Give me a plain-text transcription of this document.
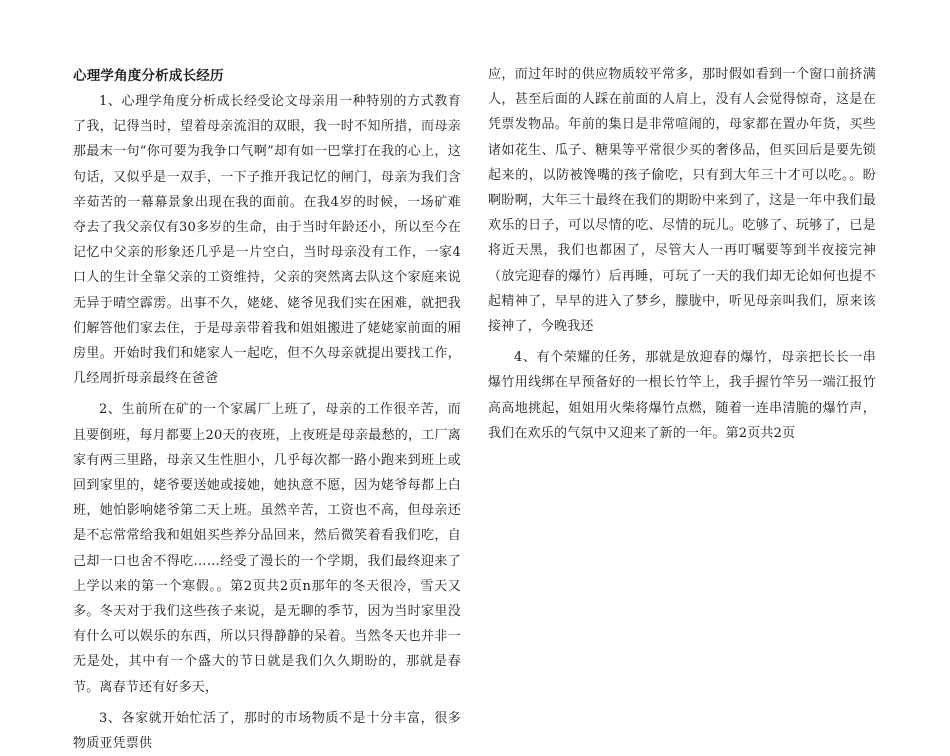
心理学角度分析成长经历

1、心理学角度分析成长经受论文母亲用一种特别的方式教育了我，记得当时，望着母亲流泪的双眼，我一时不知所措，而母亲那最末一句“你可要为我争口气啊”却有如一巴掌打在我的心上，这句话，又似乎是一双手，一下子推开我记忆的闸门，母亲为我们含辛茹苦的一幕幕景象出现在我的面前。在我4岁的时候，一场矿难夺去了我父亲仅有30多岁的生命，由于当时年龄还小，所以至今在记忆中父亲的形象还几乎是一片空白，当时母亲没有工作，一家4口人的生计全靠父亲的工资维持，父亲的突然离去队这个家庭来说无异于晴空霹雳。出事不久，姥姥、姥爷见我们实在困难，就把我们解答他们家去住，于是母亲带着我和姐姐搬进了姥姥家前面的厢房里。开始时我们和姥家人一起吃，但不久母亲就提出要找工作，几经周折母亲最终在爸爸

2、生前所在矿的一个家属厂上班了，母亲的工作很辛苦，而且要倒班，每月都要上20天的夜班，上夜班是母亲最愁的，工厂离家有两三里路，母亲又生性胆小，几乎每次都一路小跑来到班上或回到家里的，姥爷要送她或接她，她执意不愿，因为姥爷每都上白班，她怕影响姥爷第二天上班。虽然辛苦，工资也不高，但母亲还是不忘常常给我和姐姐买些养分品回来，然后微笑着看我们吃，自己却一口也舍不得吃……经受了漫长的一个学期，我们最终迎来了上学以来的第一个寒假。。第2页共2页n那年的冬天很冷，雪天又多。冬天对于我们这些孩子来说，是无聊的季节，因为当时家里没有什么可以娱乐的东西，所以只得静静的呆着。当然冬天也并非一无是处，其中有一个盛大的节日就是我们久久期盼的，那就是春节。离春节还有好多天，

3、各家就开始忙活了，那时的市场物质不是十分丰富，很多物质亚凭票供

应，而过年时的供应物质较平常多，那时假如看到一个窗口前挤满人，甚至后面的人踩在前面的人肩上，没有人会觉得惊奇，这是在凭票发物品。年前的集日是非常喧闹的，母家都在置办年货，买些诸如花生、瓜子、糖果等平常很少买的奢侈品，但买回后是要先锁起来的，以防被馋嘴的孩子偷吃，只有到大年三十才可以吃。。盼啊盼啊，大年三十最终在我们的期盼中来到了，这是一年中我们最欢乐的日子，可以尽情的吃、尽情的玩儿。吃够了、玩够了，已是将近天黑，我们也都困了，尽管大人一再叮嘱要等到半夜接完神（放完迎春的爆竹）后再睡，可玩了一天的我们却无论如何也提不起精神了，早早的进入了梦乡，朦胧中，听见母亲叫我们，原来该接神了，今晚我还

4、有个荣耀的任务，那就是放迎春的爆竹，母亲把长长一串爆竹用线绑在早预备好的一根长竹竿上，我手握竹竿另一端江报竹高高地挑起，姐姐用火柴将爆竹点燃，随着一连串清脆的爆竹声，我们在欢乐的气氛中又迎来了新的一年。第2页共2页
